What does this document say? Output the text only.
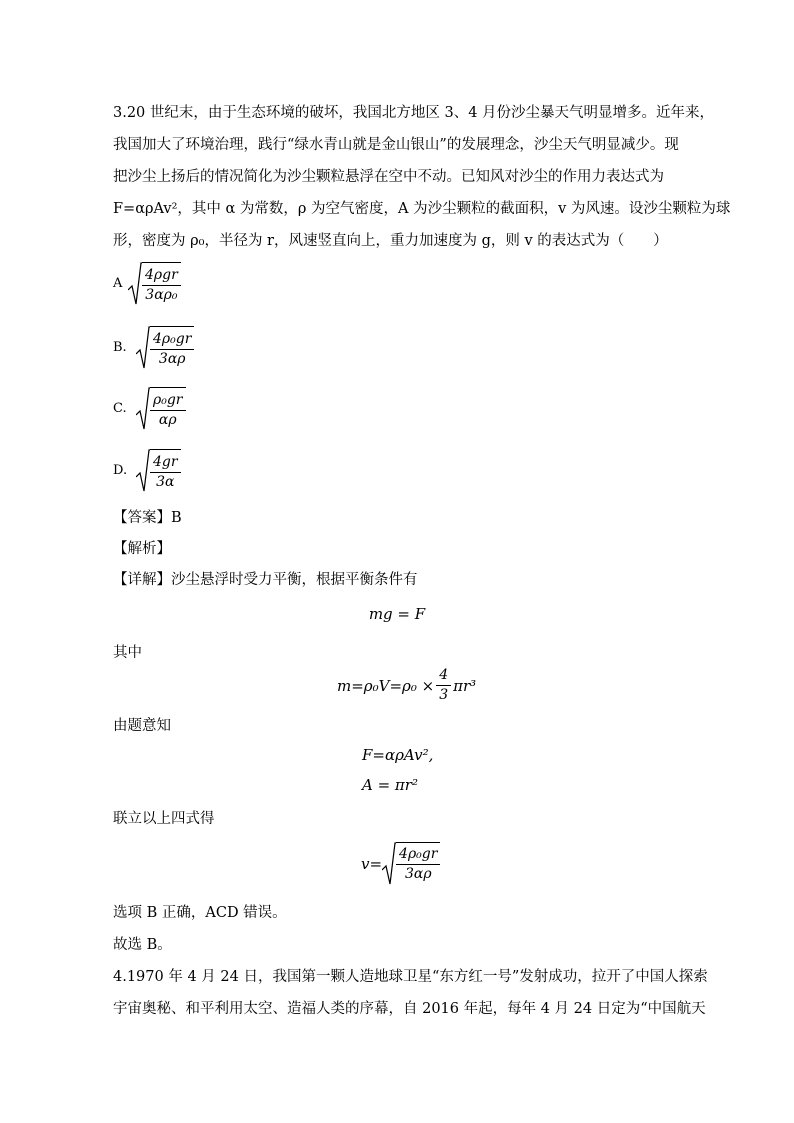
3.20 世纪末，由于生态环境的破坏，我国北方地区 3、4 月份沙尘暴天气明显增多。近年来，
我国加大了环境治理，践行“绿水青山就是金山银山”的发展理念，沙尘天气明显减少。现
把沙尘上扬后的情况简化为沙尘颗粒悬浮在空中不动。已知风对沙尘的作用力表达式为
F=αρAv²，其中 α 为常数，ρ 为空气密度，A 为沙尘颗粒的截面积，v 为风速。设沙尘颗粒为球
形，密度为 ρ₀，半径为 r，风速竖直向上，重力加速度为 g，则 v 的表达式为（　　）
A $\frac{\text{4ρgr}}{\text{3αρ₀}}$
B. $\frac{\text{4ρ₀gr}}{3\alpha\rho}$
C. $\frac{\text{ρ₀gr}}{\alpha\rho}$
D. $\frac{4gr}{3\alpha}$
【答案】B
【解析】
【详解】沙尘悬浮时受力平衡，根据平衡条件有
mg = F
其中
$m=\rho_0V=\rho_0 \times \frac{4}{3} \pi r^3$
由题意知
F=αρAv²,
A = πr²
联立以上四式得
$v= \frac{\text{4ρ₀gr}}{3\alpha\rho}$
选项 B 正确，ACD 错误。
故选 B。
4.1970 年 4 月 24 日，我国第一颗人造地球卫星“东方红一号”发射成功，拉开了中国人探索
宇宙奥秘、和平利用太空、造福人类的序幕，自 2016 年起，每年 4 月 24 日定为“中国航天
